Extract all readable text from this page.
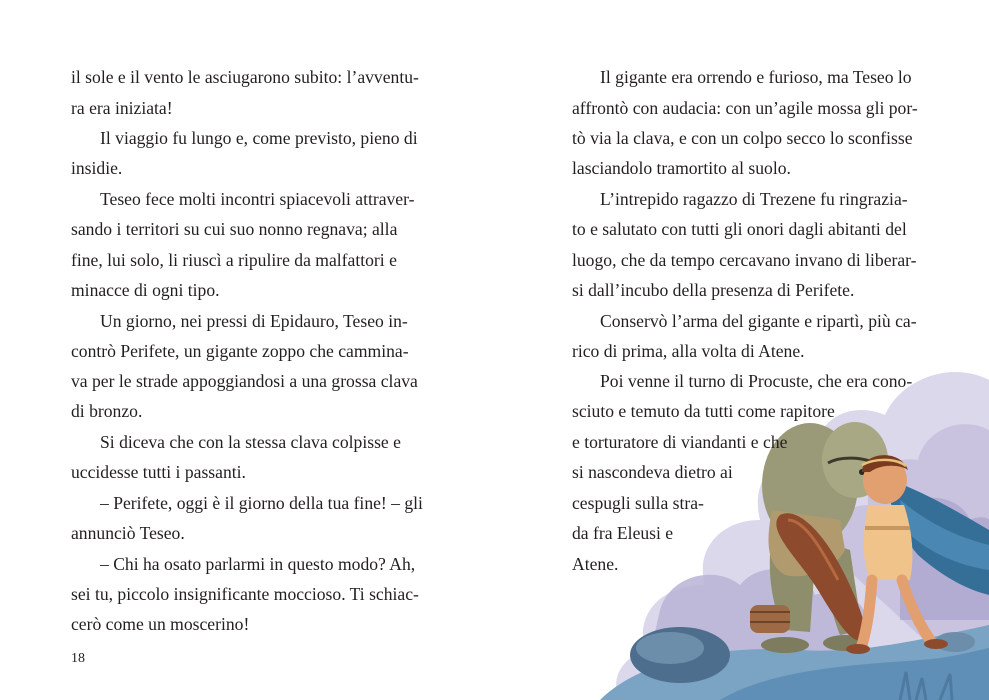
il sole e il vento le asciugarono subito: l’avventu-
ra era iniziata!
Il viaggio fu lungo e, come previsto, pieno di
insidie.
Teseo fece molti incontri spiacevoli attraver-
sando i territori su cui suo nonno regnava; alla
fine, lui solo, li riuscì a ripulire da malfattori e
minacce di ogni tipo.
Un giorno, nei pressi di Epidauro, Teseo in-
contrò Perifete, un gigante zoppo che cammina-
va per le strade appoggiandosi a una grossa clava
di bronzo.
Si diceva che con la stessa clava colpisse e
uccidesse tutti i passanti.
– Perifete, oggi è il giorno della tua fine! – gli
annunciò Teseo.
– Chi ha osato parlarmi in questo modo? Ah,
sei tu, piccolo insignificante moccioso. Ti schiac-
cerò come un moscerino!
18
Il gigante era orrendo e furioso, ma Teseo lo
affrontò con audacia: con un’agile mossa gli por-
tò via la clava, e con un colpo secco lo sconfisse
lasciandolo tramortito al suolo.
L’intrepido ragazzo di Trezene fu ringrazia-
to e salutato con tutti gli onori dagli abitanti del
luogo, che da tempo cercavano invano di liberar-
si dall’incubo della presenza di Perifete.
Conservò l’arma del gigante e ripartì, più ca-
rico di prima, alla volta di Atene.
Poi venne il turno di Procuste, che era cono-
sciuto e temuto da tutti come rapitore
e torturatore di viandanti e che
si nascondeva dietro ai
cespugli sulla stra-
da fra Eleusi e
Atene.
